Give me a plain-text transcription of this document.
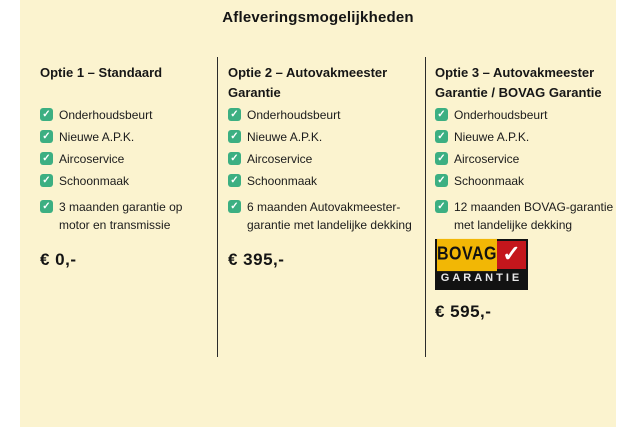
Afleveringsmogelijkheden
Optie 1 – Standaard
✓ Onderhoudsbeurt
✓ Nieuwe A.P.K.
✓ Aircoservice
✓ Schoonmaak
✓ 3 maanden garantie op motor en transmissie
€ 0,-
Optie 2 – Autovakmeester Garantie
✓ Onderhoudsbeurt
✓ Nieuwe A.P.K.
✓ Aircoservice
✓ Schoonmaak
✓ 6 maanden Autovakmeester-garantie met landelijke dekking
€ 395,-
Optie 3 – Autovakmeester Garantie / BOVAG Garantie
✓ Onderhoudsbeurt
✓ Nieuwe A.P.K.
✓ Aircoservice
✓ Schoonmaak
✓ 12 maanden BOVAG-garantie met landelijke dekking
BOVAG ✓
GARANTIE
€ 595,-
